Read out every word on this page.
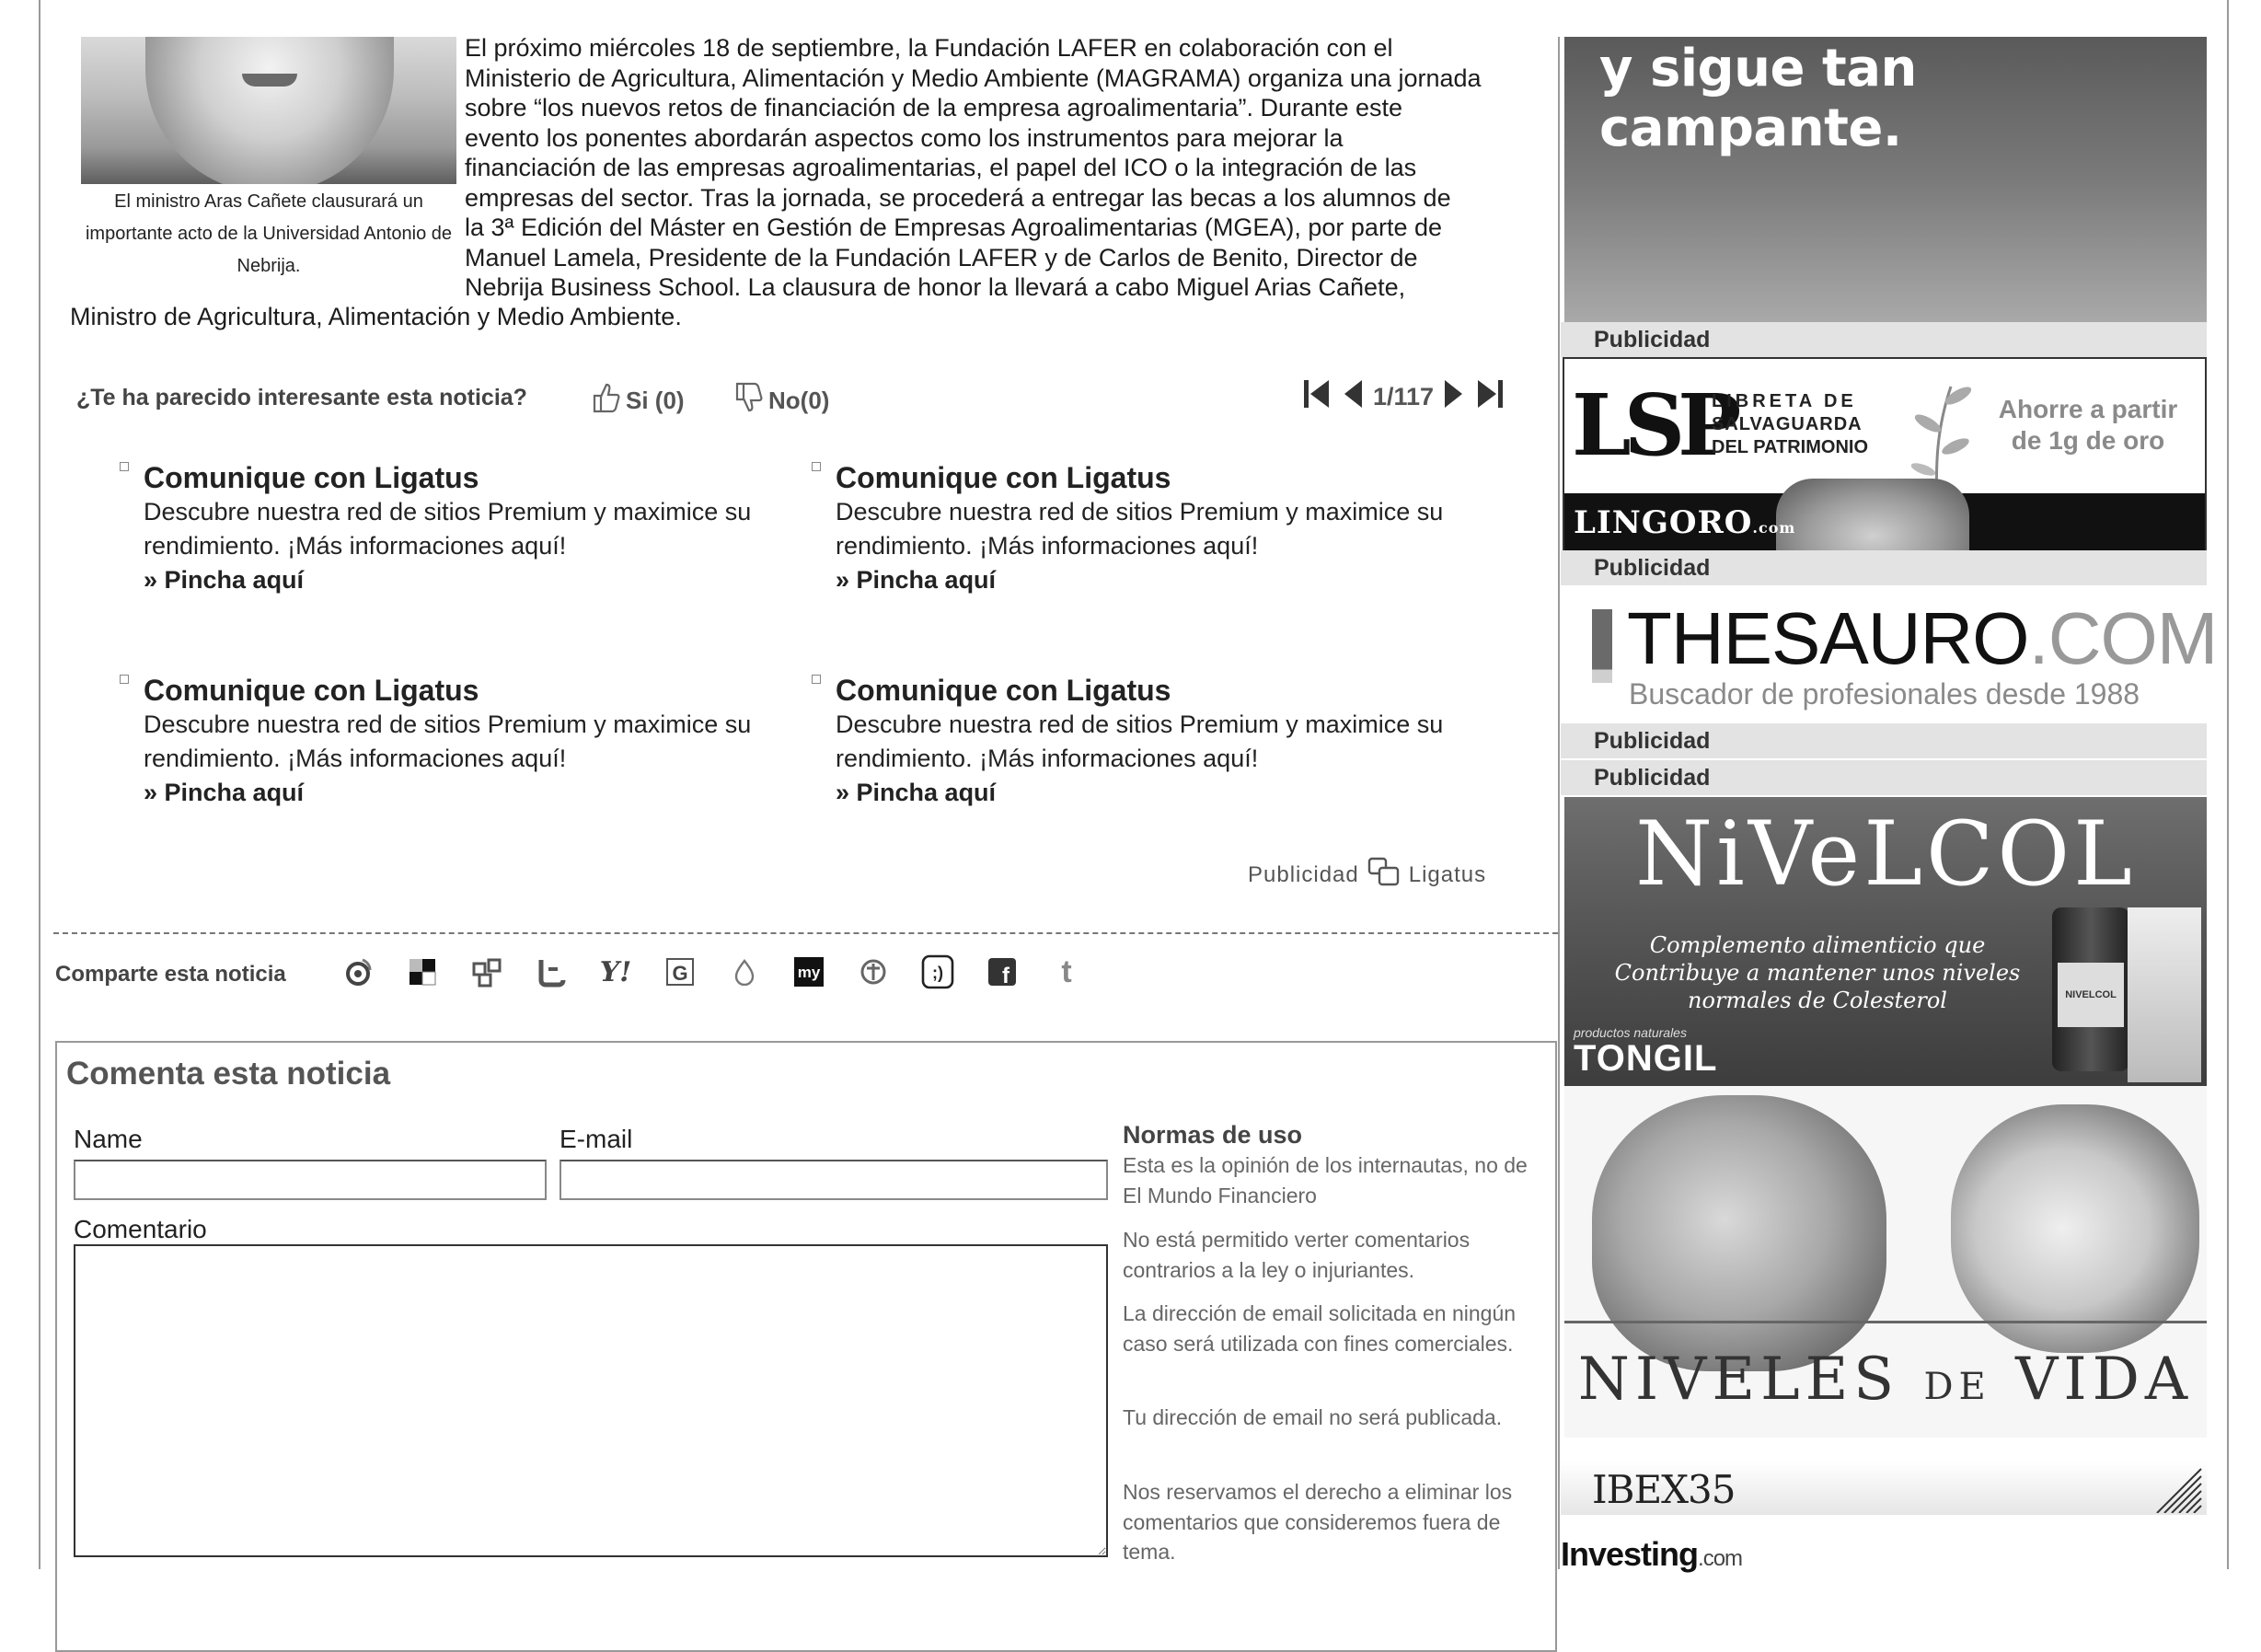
El ministro Aras Cañete clausurará un importante acto de la Universidad Antonio de Nebrija.
El próximo miércoles 18 de septiembre, la Fundación LAFER en colaboración con el
Ministerio de Agricultura, Alimentación y Medio Ambiente (MAGRAMA) organiza una jornada
sobre “los nuevos retos de financiación de la empresa agroalimentaria”. Durante este
evento los ponentes abordarán aspectos como los instrumentos para mejorar la
financiación de las empresas agroalimentarias, el papel del ICO o la integración de las
empresas del sector. Tras la jornada, se procederá a entregar las becas a los alumnos de
la 3ª Edición del Máster en Gestión de Empresas Agroalimentarias (MGEA), por parte de
Manuel Lamela, Presidente de la Fundación LAFER y de Carlos de Benito, Director de
Nebrija Business School. La clausura de honor la llevará a cabo Miguel Arias Cañete,
Ministro de Agricultura, Alimentación y Medio Ambiente.
¿Te ha parecido interesante esta noticia?	Si (0)	No(0)	1/117
Comunique con Ligatus
Descubre nuestra red de sitios Premium y maximice su rendimiento. ¡Más informaciones aquí!
» Pincha aquí
Comunique con Ligatus
Descubre nuestra red de sitios Premium y maximice su rendimiento. ¡Más informaciones aquí!
» Pincha aquí
Comunique con Ligatus
Descubre nuestra red de sitios Premium y maximice su rendimiento. ¡Más informaciones aquí!
» Pincha aquí
Comunique con Ligatus
Descubre nuestra red de sitios Premium y maximice su rendimiento. ¡Más informaciones aquí!
» Pincha aquí
Publicidad Ligatus
Comparte esta noticia	Y! G	my	;)	f t
Comenta esta noticia
Name	E-mail
Comentario
Normas de uso
Esta es la opinión de los internautas, no de El Mundo Financiero
No está permitido verter comentarios contrarios a la ley o injuriantes.
La dirección de email solicitada en ningún caso será utilizada con fines comerciales.
Tu dirección de email no será publicada.
Nos reservamos el derecho a eliminar los comentarios que consideremos fuera de tema.
y sigue tan campante.
Publicidad
LSP
LIBRETA DE
SALVAGUARDA
DEL PATRIMONIO
Ahorre a partir
de 1g de oro
LINGORO.com
Publicidad
THESAURO.COM
Buscador de profesionales desde 1988
Publicidad
Publicidad
NiVeLCOL
Complemento alimenticio que
Contribuye a mantener unos niveles
normales de Colesterol	NIVELCOL
productos naturales
TONGIL
NIVELES DE VIDA
IBEX35
Investing.com
